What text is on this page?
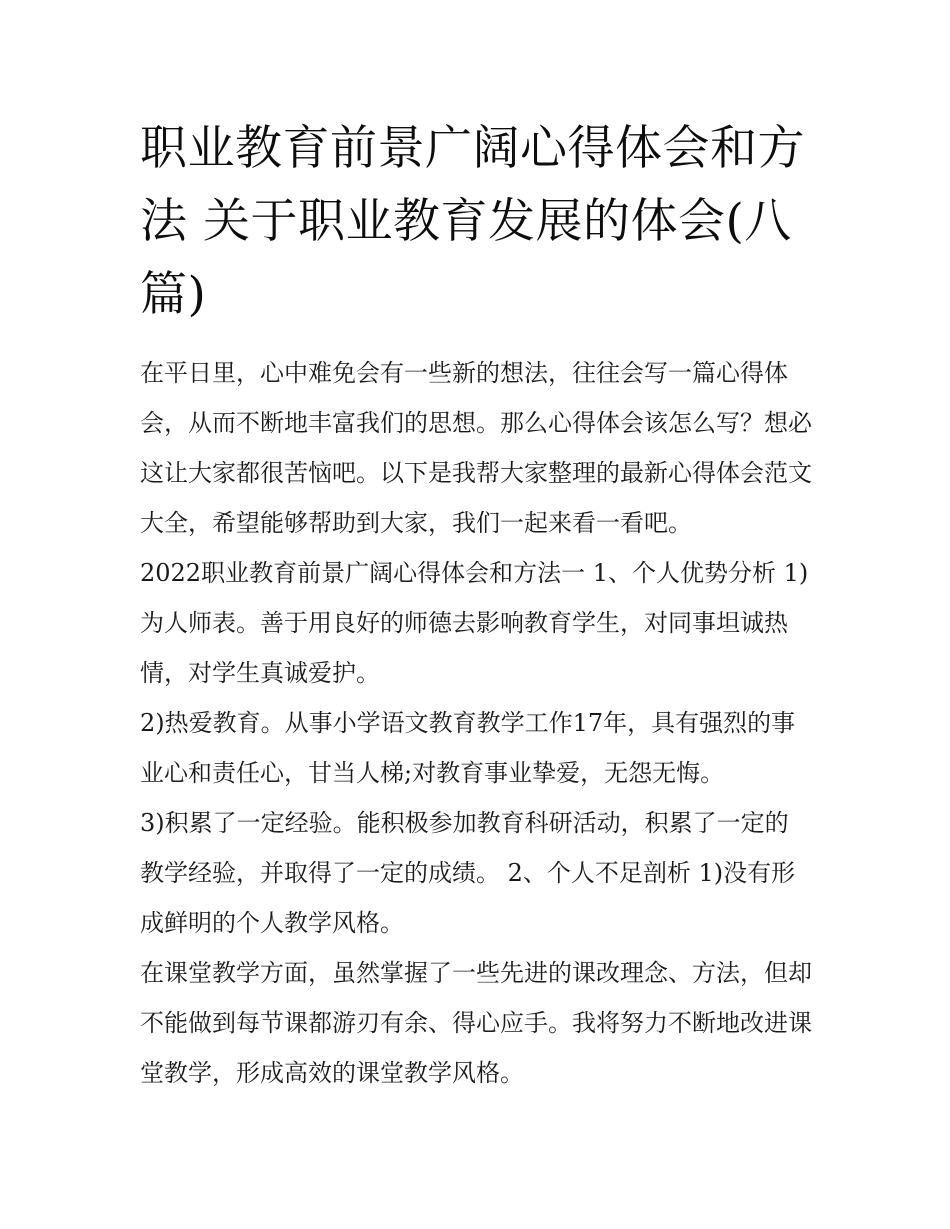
职业教育前景广阔心得体会和方法 关于职业教育发展的体会(八篇)

在平日里，心中难免会有一些新的想法，往往会写一篇心得体会，从而不断地丰富我们的思想。那么心得体会该怎么写？想必这让大家都很苦恼吧。以下是我帮大家整理的最新心得体会范文大全，希望能够帮助到大家，我们一起来看一看吧。

2022职业教育前景广阔心得体会和方法一 1、个人优势分析 1)为人师表。善于用良好的师德去影响教育学生，对同事坦诚热情，对学生真诚爱护。

2)热爱教育。从事小学语文教育教学工作17年，具有强烈的事业心和责任心，甘当人梯;对教育事业挚爱，无怨无悔。

3)积累了一定经验。能积极参加教育科研活动，积累了一定的教学经验，并取得了一定的成绩。 2、个人不足剖析 1)没有形成鲜明的个人教学风格。

在课堂教学方面，虽然掌握了一些先进的课改理念、方法，但却不能做到每节课都游刃有余、得心应手。我将努力不断地改进课堂教学，形成高效的课堂教学风格。
